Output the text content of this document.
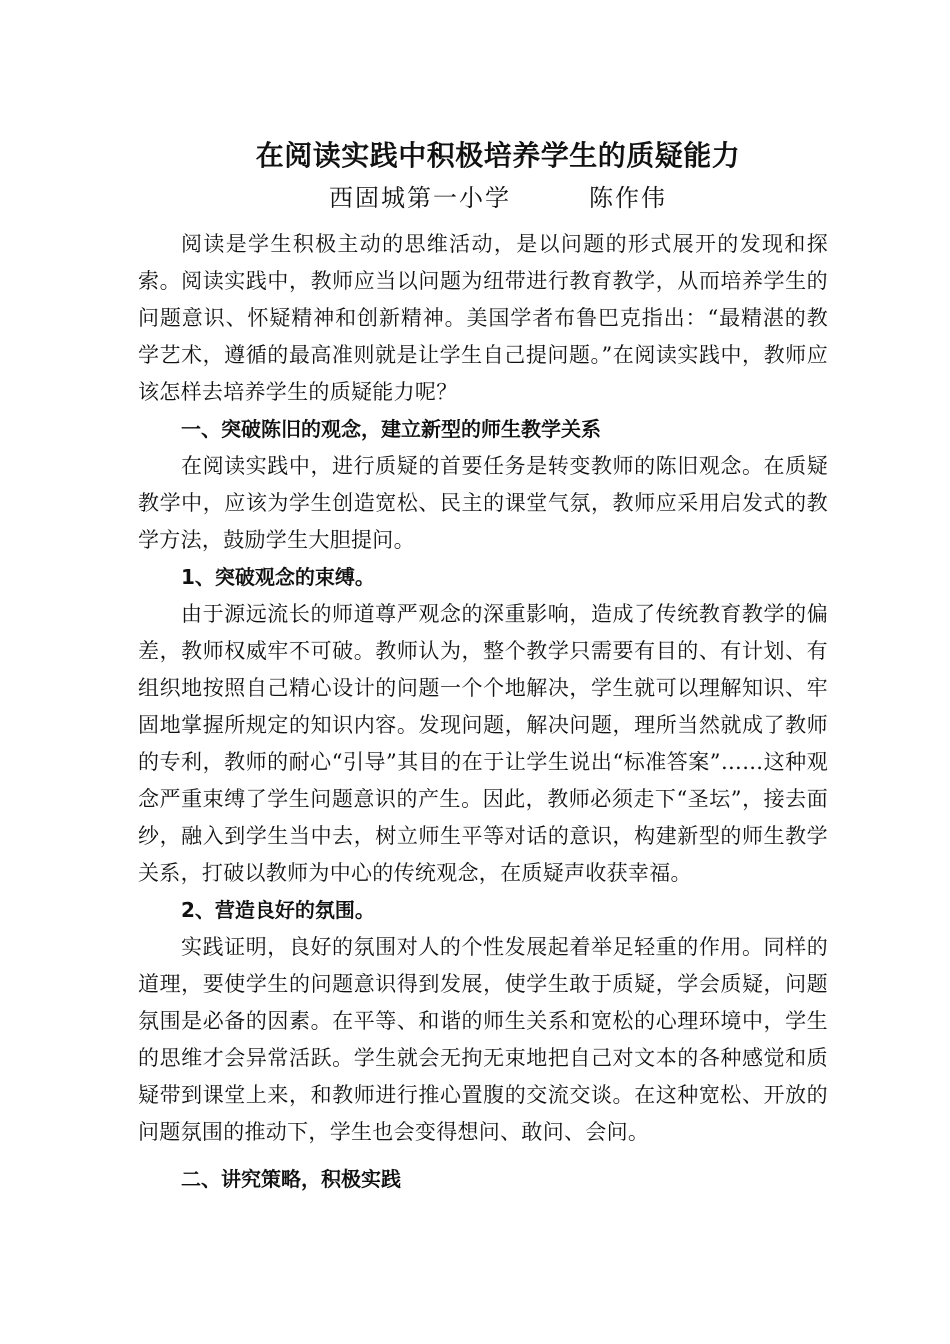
在阅读实践中积极培养学生的质疑能力
西固城第一小学　　　陈作伟

阅读是学生积极主动的思维活动，是以问题的形式展开的发现和探索。阅读实践中，教师应当以问题为纽带进行教育教学，从而培养学生的问题意识、怀疑精神和创新精神。美国学者布鲁巴克指出：“最精湛的教学艺术，遵循的最高准则就是让学生自己提问题。”在阅读实践中，教师应该怎样去培养学生的质疑能力呢？

一、突破陈旧的观念，建立新型的师生教学关系

在阅读实践中，进行质疑的首要任务是转变教师的陈旧观念。在质疑教学中，应该为学生创造宽松、民主的课堂气氛，教师应采用启发式的教学方法，鼓励学生大胆提问。

1、突破观念的束缚。

由于源远流长的师道尊严观念的深重影响，造成了传统教育教学的偏差，教师权威牢不可破。教师认为，整个教学只需要有目的、有计划、有组织地按照自己精心设计的问题一个个地解决，学生就可以理解知识、牢固地掌握所规定的知识内容。发现问题，解决问题，理所当然就成了教师的专利，教师的耐心“引导”其目的在于让学生说出“标准答案”……这种观念严重束缚了学生问题意识的产生。因此，教师必须走下“圣坛”，接去面纱，融入到学生当中去，树立师生平等对话的意识，构建新型的师生教学关系，打破以教师为中心的传统观念，在质疑声收获幸福。

2、营造良好的氛围。

实践证明，良好的氛围对人的个性发展起着举足轻重的作用。同样的道理，要使学生的问题意识得到发展，使学生敢于质疑，学会质疑，问题氛围是必备的因素。在平等、和谐的师生关系和宽松的心理环境中，学生的思维才会异常活跃。学生就会无拘无束地把自己对文本的各种感觉和质疑带到课堂上来，和教师进行推心置腹的交流交谈。在这种宽松、开放的问题氛围的推动下，学生也会变得想问、敢问、会问。

二、讲究策略，积极实践
